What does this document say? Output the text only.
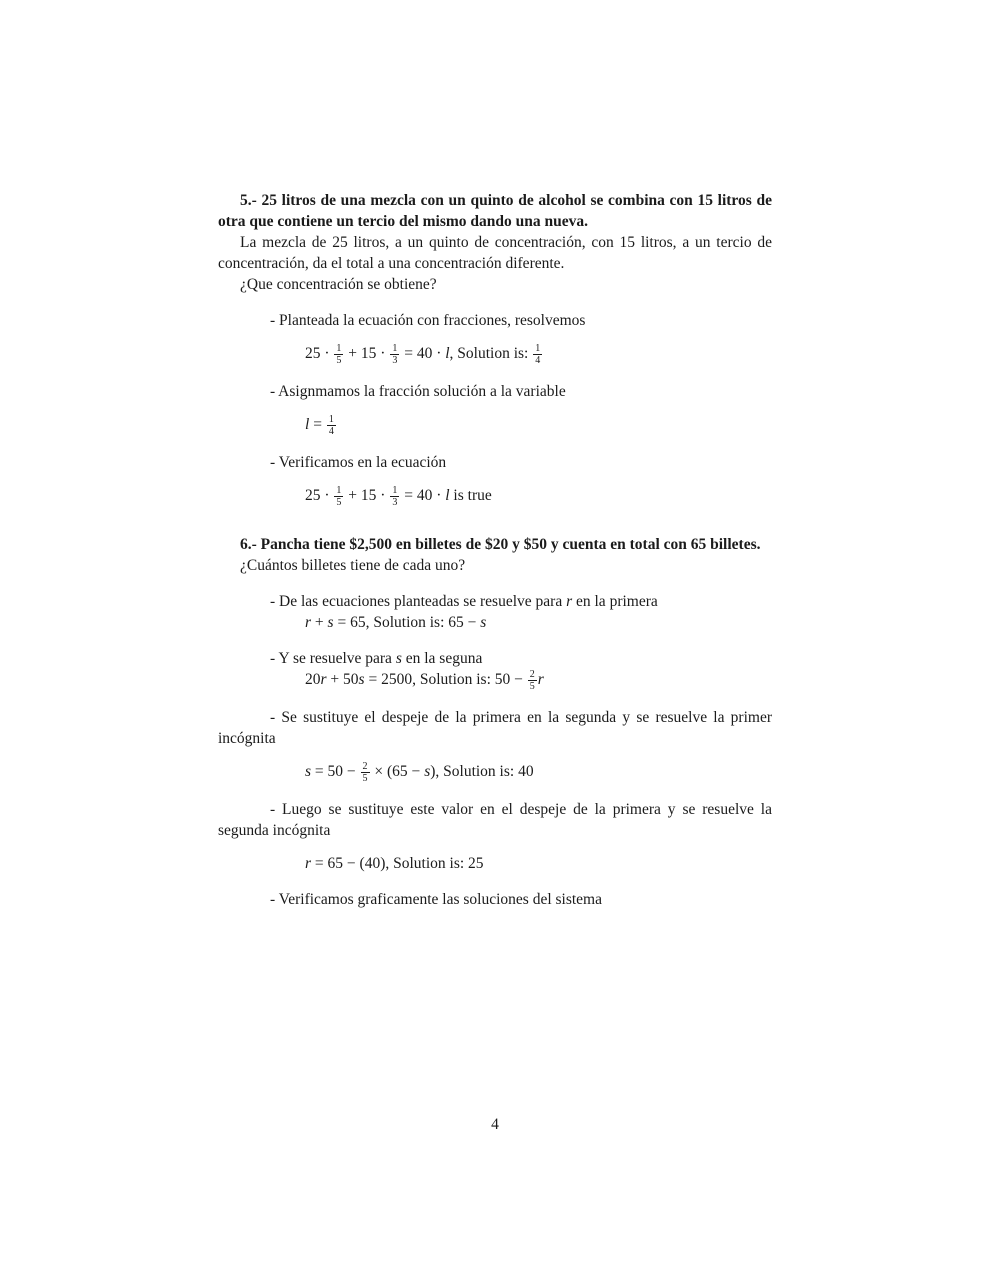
5.- 25 litros de una mezcla con un quinto de alcohol se combina con 15 litros de otra que contiene un tercio del mismo dando una nueva.
La mezcla de 25 litros, a un quinto de concentración, con 15 litros, a un tercio de concentración, da el total a una concentración diferente.
¿Que concentración se obtiene?
- Planteada la ecuación con fracciones, resolvemos
$25 \cdot \frac{1}{5} + 15 \cdot \frac{1}{3} = 40 \cdot l$, Solution is: $\frac{1}{4}$
- Asignmamos la fracción solución a la variable
$l = \frac{1}{4}$
- Verificamos en la ecuación
$25 \cdot \frac{1}{5} + 15 \cdot \frac{1}{3} = 40 \cdot l$ is true
6.- Pancha tiene $2,500 en billetes de $20 y $50 y cuenta en total con 65 billetes.
¿Cuántos billetes tiene de cada uno?
- De las ecuaciones planteadas se resuelve para r en la primera
r + s = 65, Solution is: 65 − s
- Y se resuelve para s en la seguna
20r + 50s = 2500, Solution is: $50 - \frac{2}{5}$ r
- Se sustituye el despeje de la primera en la segunda y se resuelve la primer incógnita
$s = 50 - \frac{2}{5} \times (65 - s)$, Solution is: 40
- Luego se sustituye este valor en el despeje de la primera y se resuelve la segunda incógnita
r = 65 − (40), Solution is: 25
- Verificamos graficamente las soluciones del sistema
4
